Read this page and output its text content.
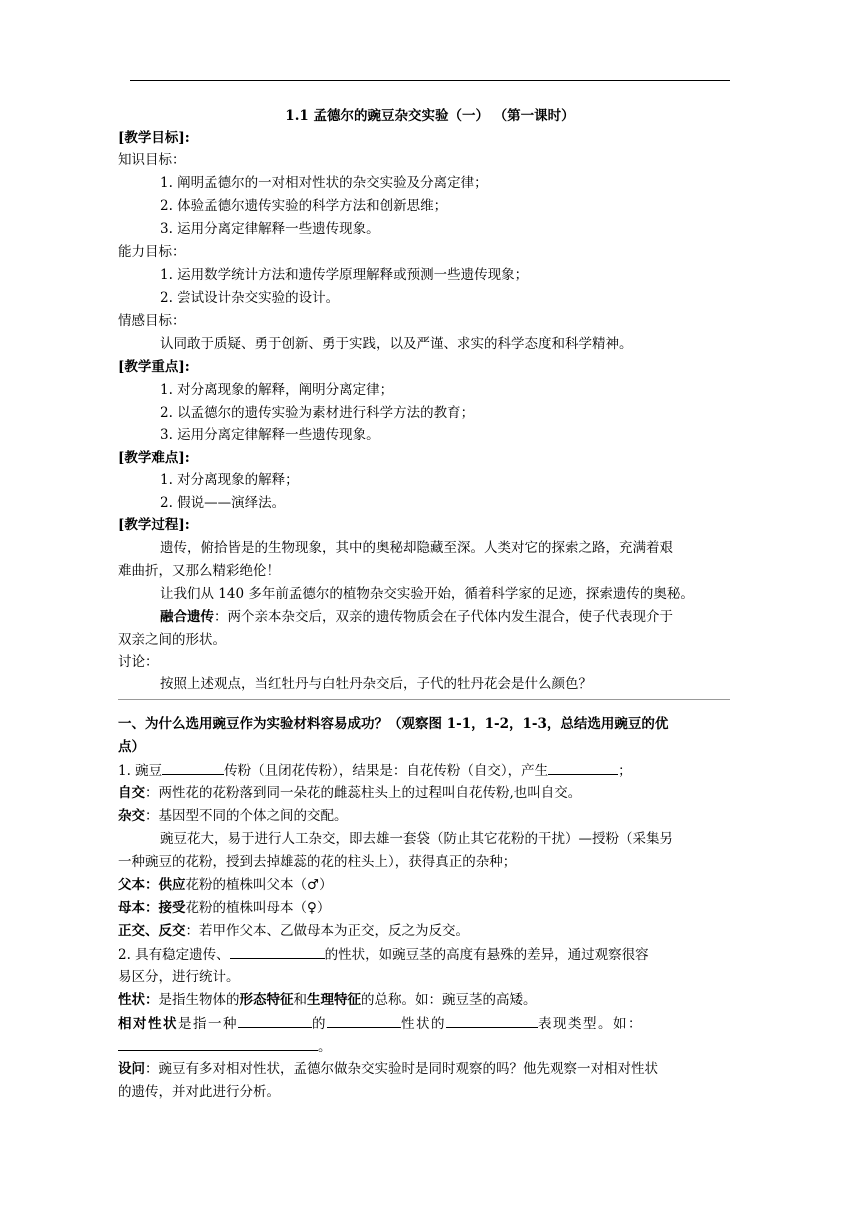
1.1 孟德尔的豌豆杂交实验（一） （第一课时）
[教学目标]:
知识目标：
1. 阐明孟德尔的一对相对性状的杂交实验及分离定律；
2. 体验孟德尔遗传实验的科学方法和创新思维；
3. 运用分离定律解释一些遗传现象。
能力目标：
1. 运用数学统计方法和遗传学原理解释或预测一些遗传现象；
2. 尝试设计杂交实验的设计。
情感目标：
认同敢于质疑、勇于创新、勇于实践，以及严谨、求实的科学态度和科学精神。
[教学重点]:
1. 对分离现象的解释，阐明分离定律；
2. 以孟德尔的遗传实验为素材进行科学方法的教育；
3. 运用分离定律解释一些遗传现象。
[教学难点]:
1. 对分离现象的解释；
2. 假说——演绎法。
[教学过程]:
遗传，俯拾皆是的生物现象，其中的奥秘却隐藏至深。人类对它的探索之路，充满着艰
难曲折，又那么精彩绝伦！
让我们从 140 多年前孟德尔的植物杂交实验开始，循着科学家的足迹，探索遗传的奥秘。
融合遗传：两个亲本杂交后，双亲的遗传物质会在子代体内发生混合，使子代表现介于
双亲之间的形状。
讨论：
按照上述观点，当红牡丹与白牡丹杂交后，子代的牡丹花会是什么颜色？
一、为什么选用豌豆作为实验材料容易成功？（观察图 1-1，1-2，1-3，总结选用豌豆的优
点）
1. 豌豆	传粉（且闭花传粉），结果是：自花传粉（自交），产生	；
自交：两性花的花粉落到同一朵花的雌蕊柱头上的过程叫自花传粉,也叫自交。
杂交：基因型不同的个体之间的交配。
豌豆花大，易于进行人工杂交，即去雄一套袋（防止其它花粉的干扰）—授粉（采集另
一种豌豆的花粉，授到去掉雄蕊的花的柱头上），获得真正的杂种；
父本：供应花粉的植株叫父本（♂）
母本：接受花粉的植株叫母本（♀）
正交、反交：若甲作父本、乙做母本为正交，反之为反交。
2. 具有稳定遗传、	的性状，如豌豆茎的高度有悬殊的差异，通过观察很容
易区分，进行统计。
性状：是指生物体的形态特征和生理特征的总称。如：豌豆茎的高矮。
相对性状是指一种	的	性状的	表现类型。如：
。
设问：豌豆有多对相对性状，孟德尔做杂交实验时是同时观察的吗？他先观察一对相对性状
的遗传，并对此进行分析。
